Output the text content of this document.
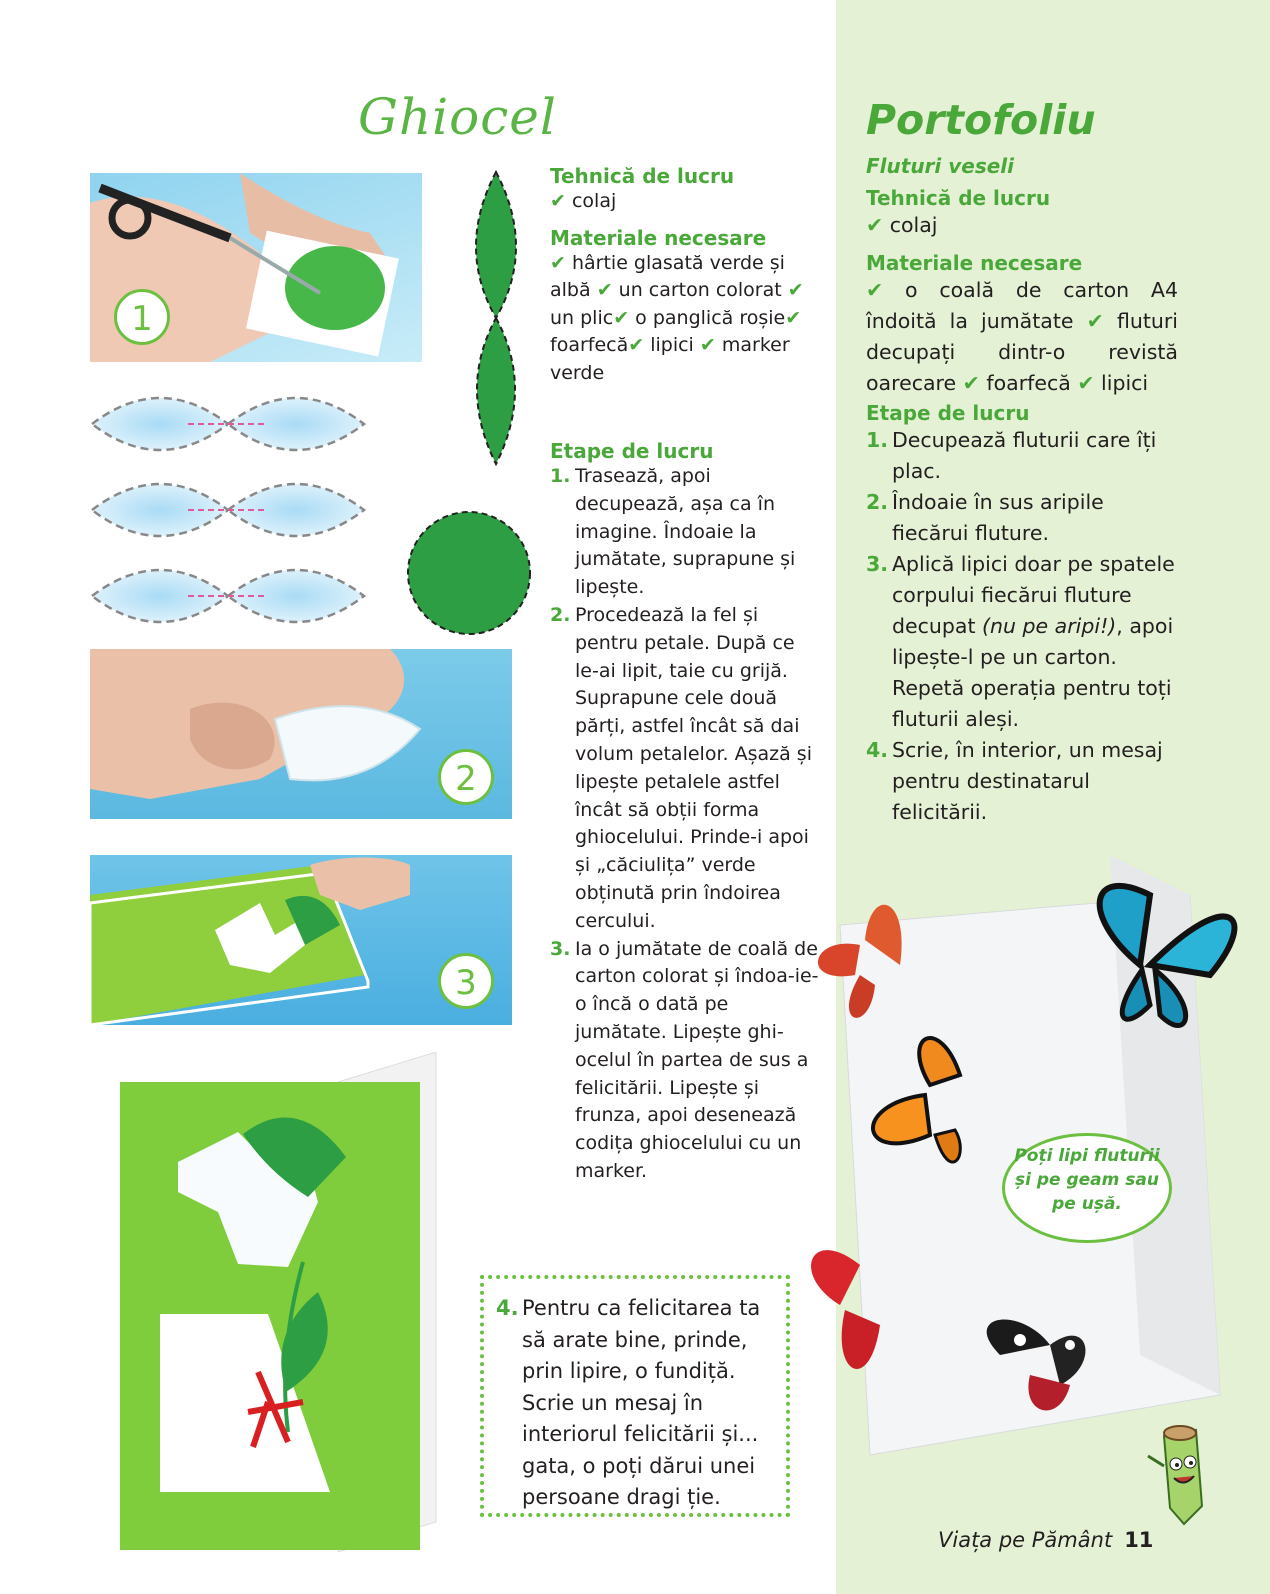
Ghiocel
1
2
3

Tehnică de lucru

✔ colaj

Materiale necesare

✔ hârtie glasată verde și albă ✔ un carton colorat ✔ un plic✔ o panglică roșie✔ foarfecă✔ lipici ✔ marker verde

Etape de lucru

1. Trasează, apoi decupează, așa ca în imagine. Îndoaie la jumătate, suprapune și lipește.
2. Procedează la fel și pentru petale. După ce le-ai lipit, taie cu grijă. Suprapune cele două părți, astfel încât să dai volum petalelor. Așază și lipește petalele astfel încât să obții forma ghiocelului. Prinde-i apoi și „căciulița” verde obținută prin îndoirea cercului.
3. Ia o jumătate de coală de carton colorat și îndoa-ie-o încă o dată pe jumătate. Lipește ghi-ocelul în partea de sus a felicitării. Lipește și frunza, apoi desenează codița ghiocelului cu un marker.
4. Pentru ca felicitarea ta să arate bine, prinde, prin lipire, o fundiță. Scrie un mesaj în interiorul felicitării și... gata, o poți dărui unei persoane dragi ție.
Portofoliu

Fluturi veseli

Tehnică de lucru

✔ colaj

Materiale necesare

✔ o coală de carton A4 îndoită la jumătate ✔ fluturi decupați dintr-o revistă oarecare ✔ foarfecă ✔ lipici

Etape de lucru

1. Decupează fluturii care îți plac.
2. Îndoaie în sus aripile fiecărui fluture.
3. Aplică lipici doar pe spatele corpului fiecărui fluture decupat (nu pe aripi!), apoi lipește-l pe un carton. Repetă operația pentru toți fluturii aleși.
4. Scrie, în interior, un mesaj pentru destinatarul felicitării.
Poți lipi fluturii și pe geam sau pe ușă.
Viața pe Pământ 11
